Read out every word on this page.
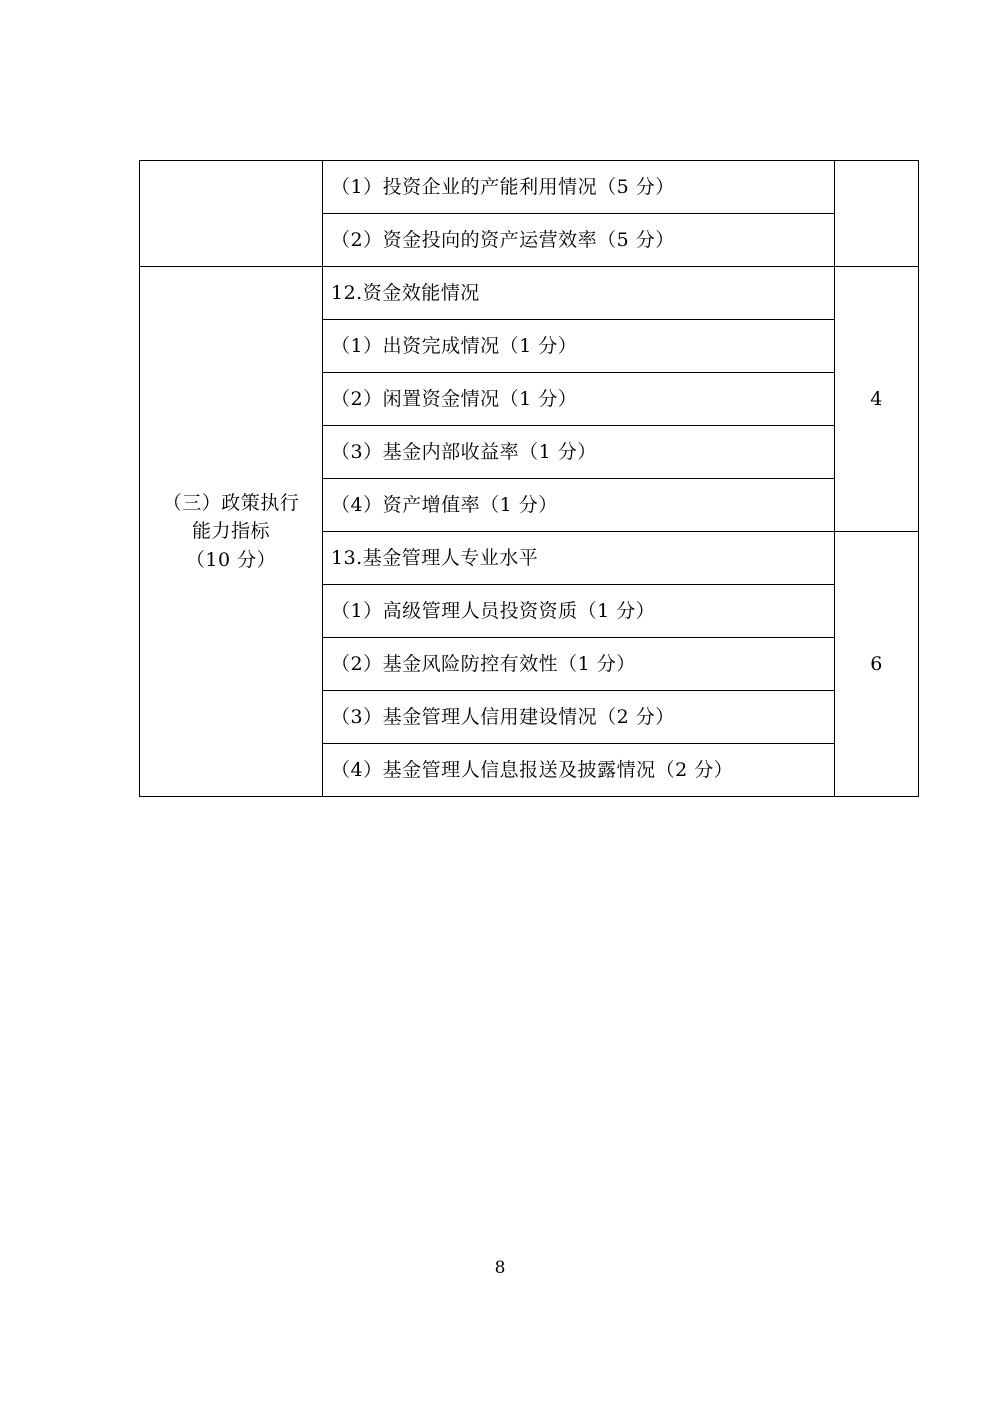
	（1）投资企业的产能利用情况（5 分）	
	（2）资金投向的资产运营效率（5 分）	

（三）政策执行
能力指标
（10 分）	12.资金效能情况	4
	（1）出资完成情况（1 分）	
	（2）闲置资金情况（1 分）	
	（3）基金内部收益率（1 分）	
	（4）资产增值率（1 分）	
	13.基金管理人专业水平	6
	（1）高级管理人员投资资质（1 分）	
	（2）基金风险防控有效性（1 分）	
	（3）基金管理人信用建设情况（2 分）	
	（4）基金管理人信息报送及披露情况（2 分）	
8
